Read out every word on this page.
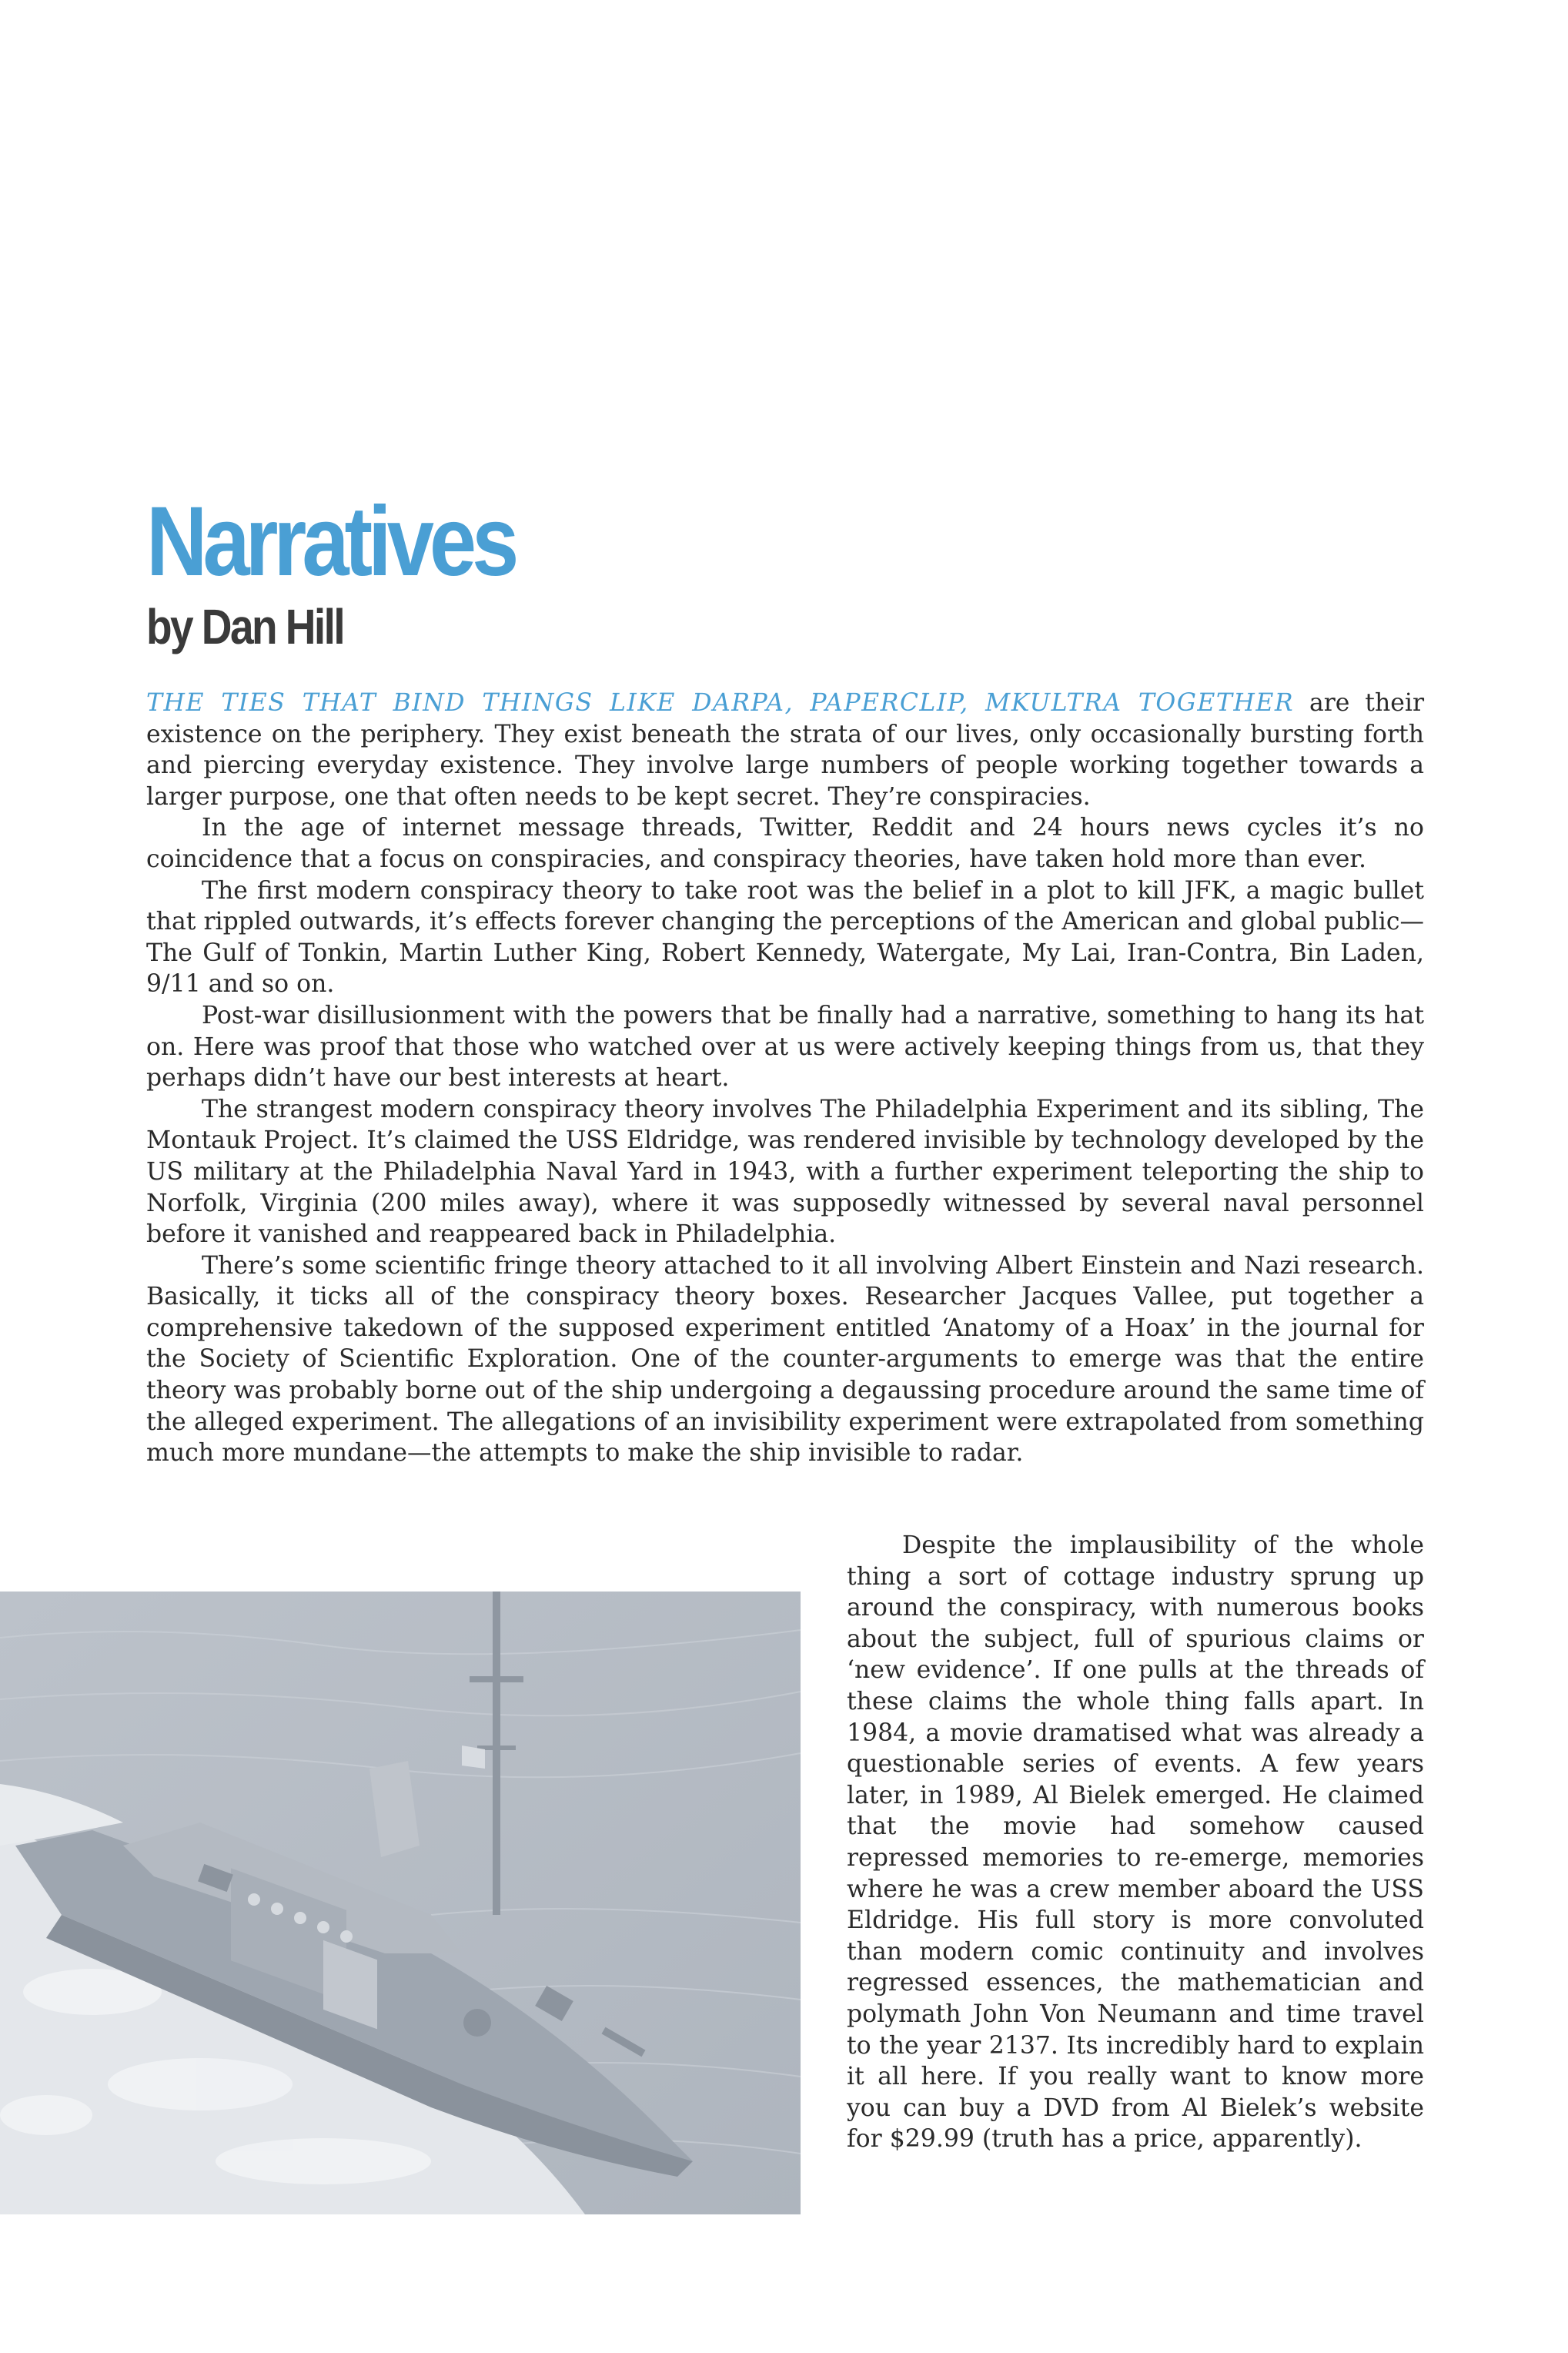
Narratives
by Dan Hill

THE TIES THAT BIND THINGS LIKE DARPA, PAPERCLIP, MKULTRA TOGETHER are their existence on the periphery. They exist beneath the strata of our lives, only occasionally bursting forth and piercing everyday existence. They involve large numbers of people working together towards a larger purpose, one that often needs to be kept secret. They’re conspiracies.

In the age of internet message threads, Twitter, Reddit and 24 hours news cycles it’s no coincidence that a focus on conspiracies, and conspiracy theories, have taken hold more than ever.

The first modern conspiracy theory to take root was the belief in a plot to kill JFK, a magic bullet that rippled outwards, it’s effects forever changing the perceptions of the American and global public—The Gulf of Tonkin, Martin Luther King, Robert Kennedy, Watergate, My Lai, Iran-Contra, Bin Laden, 9/11 and so on.

Post-war disillusionment with the powers that be finally had a narrative, something to hang its hat on. Here was proof that those who watched over at us were actively keeping things from us, that they perhaps didn’t have our best interests at heart.

The strangest modern conspiracy theory involves The Philadelphia Experiment and its sibling, The Montauk Project. It’s claimed the USS Eldridge, was rendered invisible by technology developed by the US military at the Philadelphia Naval Yard in 1943, with a further experiment teleporting the ship to Norfolk, Virginia (200 miles away), where it was supposedly witnessed by several naval personnel before it vanished and reappeared back in Philadelphia.

There’s some scientific fringe theory attached to it all involving Albert Einstein and Nazi research. Basically, it ticks all of the conspiracy theory boxes. Researcher Jacques Vallee, put together a comprehensive takedown of the supposed experiment entitled ‘Anatomy of a Hoax’ in the journal for the Society of Scientific Exploration. One of the counter-arguments to emerge was that the entire theory was probably borne out of the ship undergoing a degaussing procedure around the same time of the alleged experiment. The allegations of an invisibility experiment were extrapolated from something much more mundane—the attempts to make the ship invisible to radar.

Despite the implausibility of the whole thing a sort of cottage industry sprung up around the conspiracy, with numerous books about the subject, full of spurious claims or ‘new evidence’. If one pulls at the threads of these claims the whole thing falls apart. In 1984, a movie dramatised what was already a questionable series of events. A few years later, in 1989, Al Bielek emerged. He claimed that the movie had somehow caused repressed memories to re-emerge, memories where he was a crew member aboard the USS Eldridge. His full story is more convoluted than modern comic continuity and involves regressed essences, the mathematician and polymath John Von Neumann and time travel to the year 2137. Its incredibly hard to explain it all here. If you really want to know more you can buy a DVD from Al Bielek’s website for $29.99 (truth has a price, apparently).
